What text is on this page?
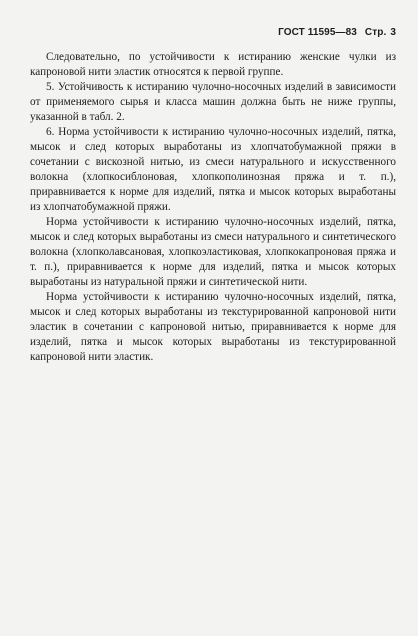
ГОСТ 11595—83 Стр. 3

Следовательно, по устойчивости к истиранию женские чулки из капроновой нити эластик относятся к первой группе.

5. Устойчивость к истиранию чулочно-носочных изделий в зависимости от применяемого сырья и класса машин должна быть не ниже группы, указанной в табл. 2.

6. Норма устойчивости к истиранию чулочно-носочных изделий, пятка, мысок и след которых выработаны из хлопчатобумажной пряжи в сочетании с вискозной нитью, из смеси натурального и искусственного волокна (хлопкосиблоновая, хлопкополинозная пряжа и т. п.), приравнивается к норме для изделий, пятка и мысок которых выработаны из хлопчатобумажной пряжи.

Норма устойчивости к истиранию чулочно-носочных изделий, пятка, мысок и след которых выработаны из смеси натурального и синтетического волокна (хлопколавсановая, хлопкоэластиковая, хлопкокапроновая пряжа и т. п.), приравнивается к норме для изделий, пятка и мысок которых выработаны из натуральной пряжи и синтетической нити.

Норма устойчивости к истиранию чулочно-носочных изделий, пятка, мысок и след которых выработаны из текстурированной капроновой нити эластик в сочетании с капроновой нитью, приравнивается к норме для изделий, пятка и мысок которых выработаны из текстурированной капроновой нити эластик.
